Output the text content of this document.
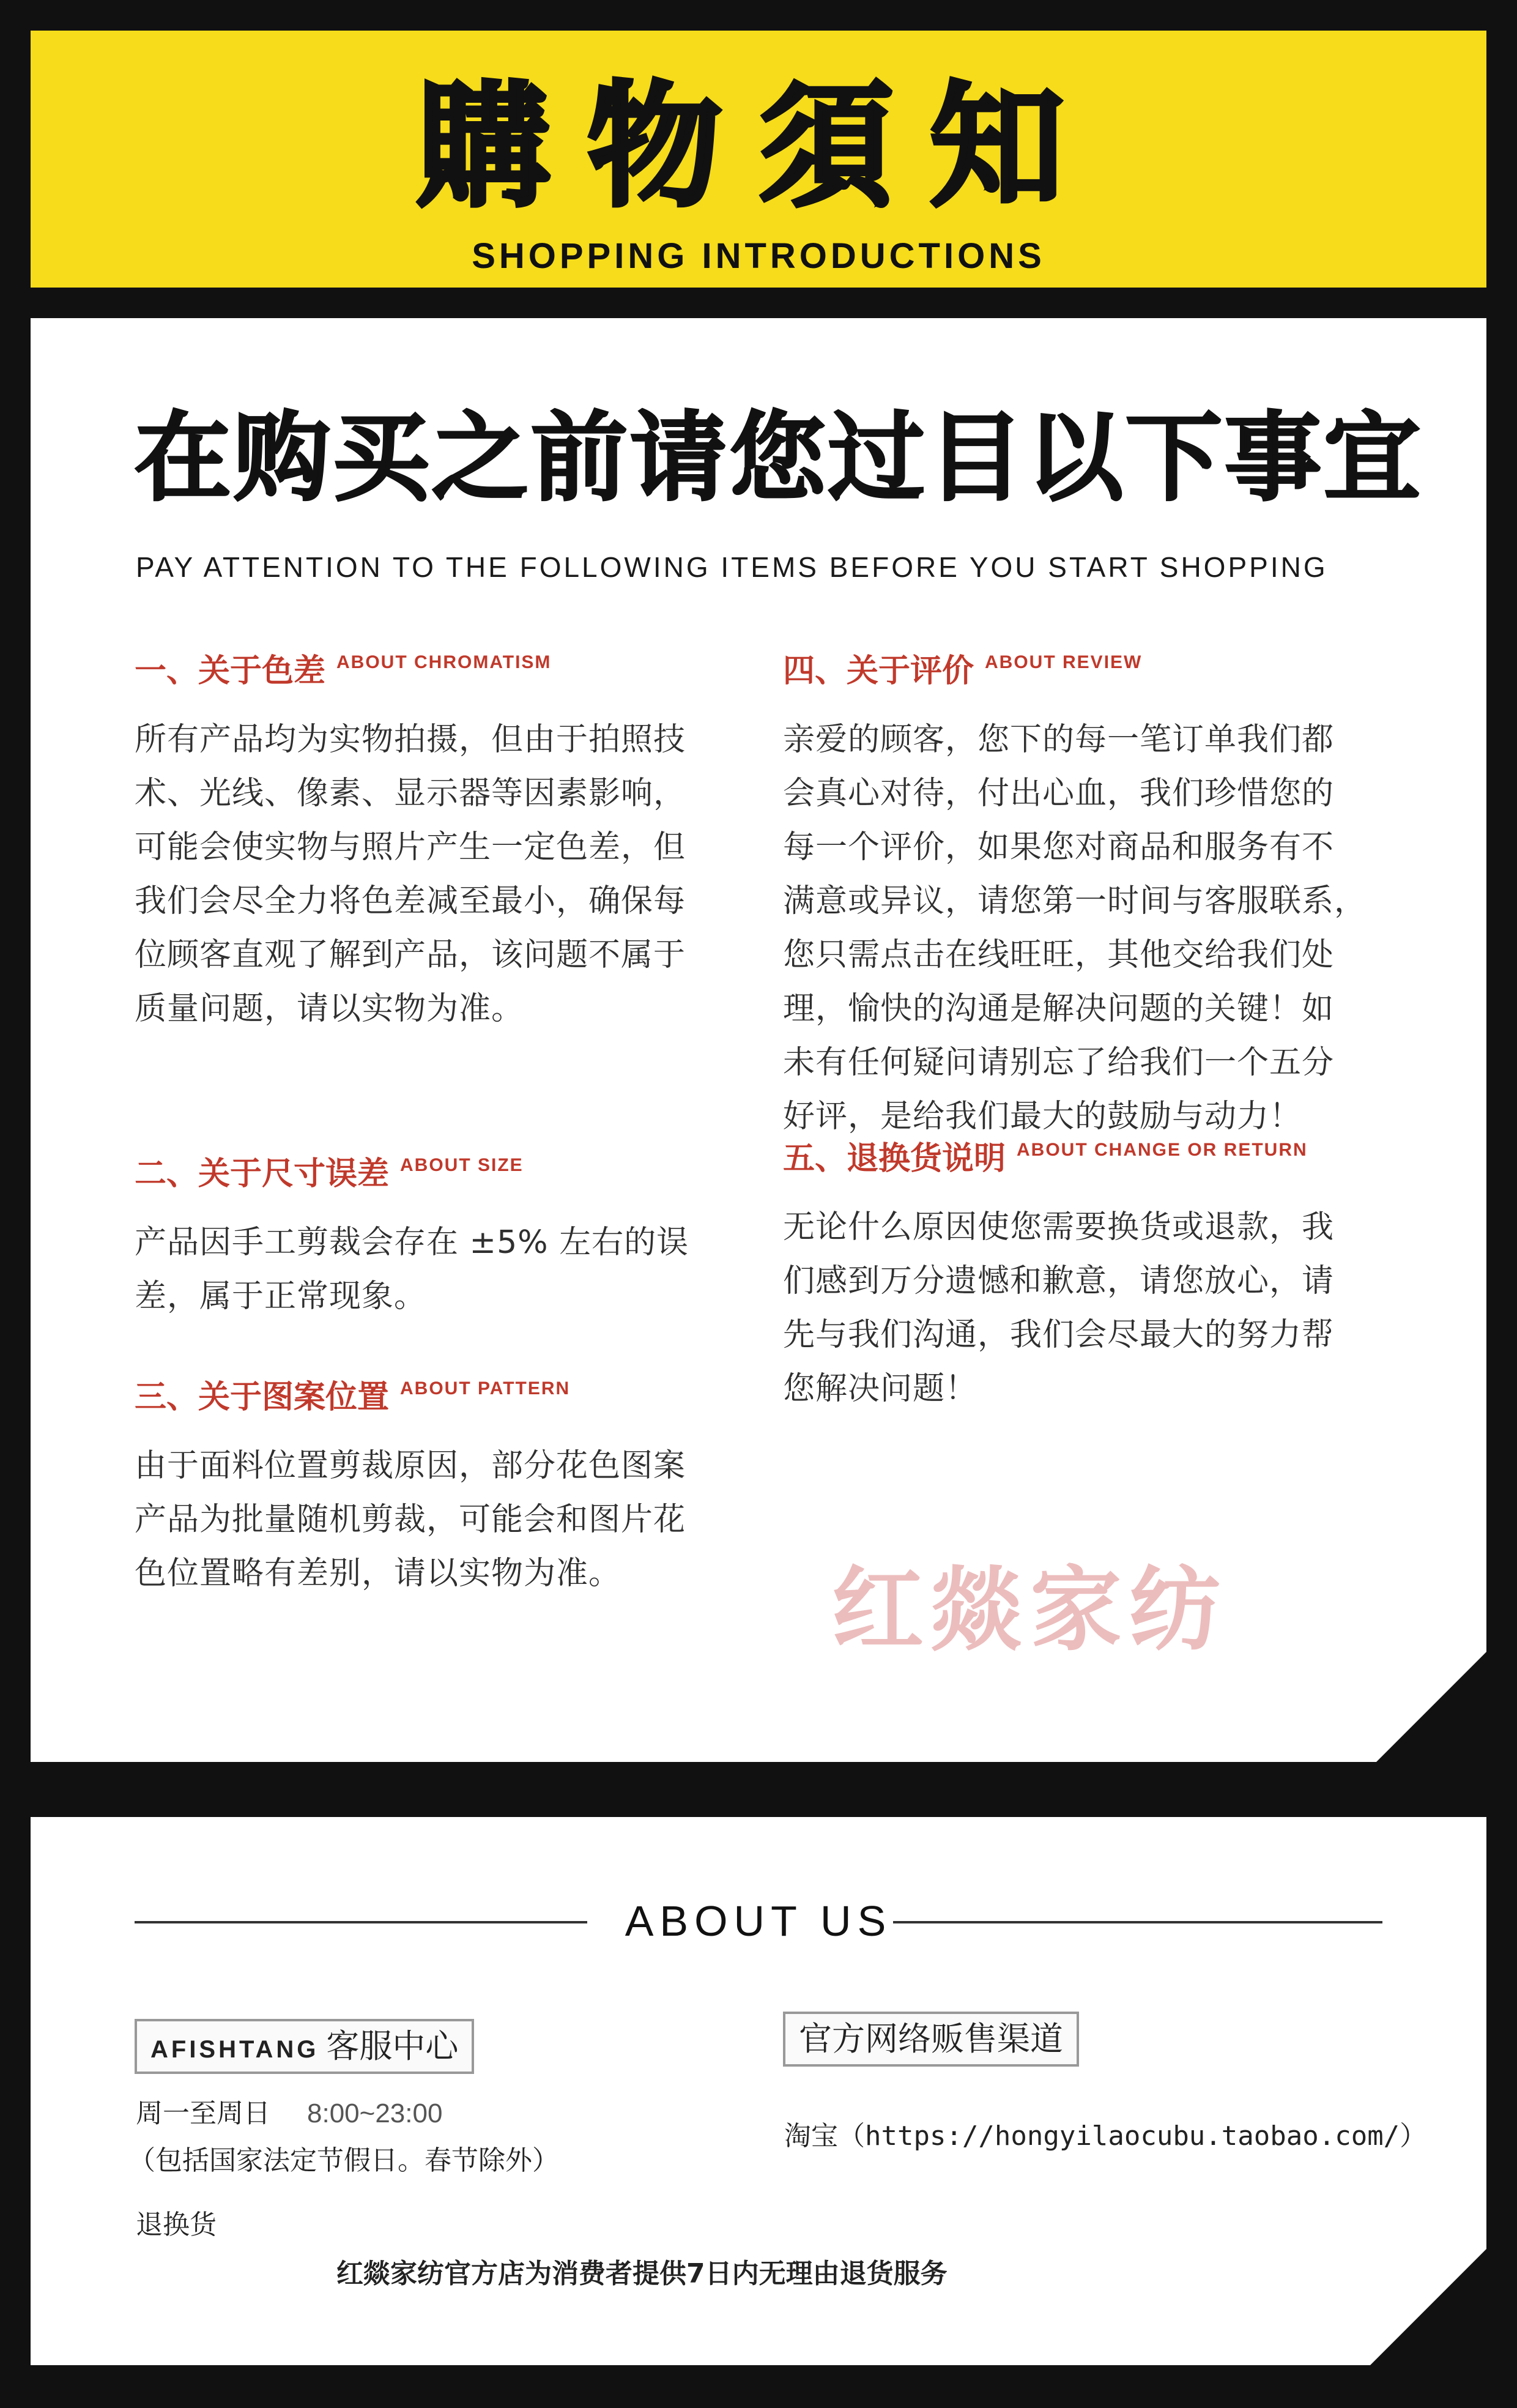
購物須知
SHOPPING INTRODUCTIONS
在购买之前请您过目以下事宜
PAY ATTENTION TO THE FOLLOWING ITEMS BEFORE YOU START SHOPPING
一、关于色差 ABOUT CHROMATISM
所有产品均为实物拍摄，但由于拍照技
术、光线、像素、显示器等因素影响，
可能会使实物与照片产生一定色差，但
我们会尽全力将色差减至最小，确保每
位顾客直观了解到产品，该问题不属于
质量问题，请以实物为准。
二、关于尺寸误差 ABOUT SIZE
产品因手工剪裁会存在 ±5% 左右的误
差，属于正常现象。
三、关于图案位置 ABOUT PATTERN
由于面料位置剪裁原因，部分花色图案
产品为批量随机剪裁，可能会和图片花
色位置略有差别，请以实物为准。
四、关于评价 ABOUT REVIEW
亲爱的顾客，您下的每一笔订单我们都
会真心对待，付出心血，我们珍惜您的
每一个评价，如果您对商品和服务有不
满意或异议，请您第一时间与客服联系，
您只需点击在线旺旺，其他交给我们处
理，愉快的沟通是解决问题的关键！如
未有任何疑问请别忘了给我们一个五分
好评，是给我们最大的鼓励与动力！
五、退换货说明 ABOUT CHANGE OR RETURN
无论什么原因使您需要换货或退款，我
们感到万分遗憾和歉意，请您放心，请
先与我们沟通，我们会尽最大的努力帮
您解决问题！
红燚家纺
ABOUT US
AFISHTANG 客服中心
周一至周日 8:00~23:00
（包括国家法定节假日。春节除外）
退换货
红燚家纺官方店为消费者提供7日内无理由退货服务
官方网络贩售渠道
淘宝（https://hongyilaocubu.taobao.com/）
